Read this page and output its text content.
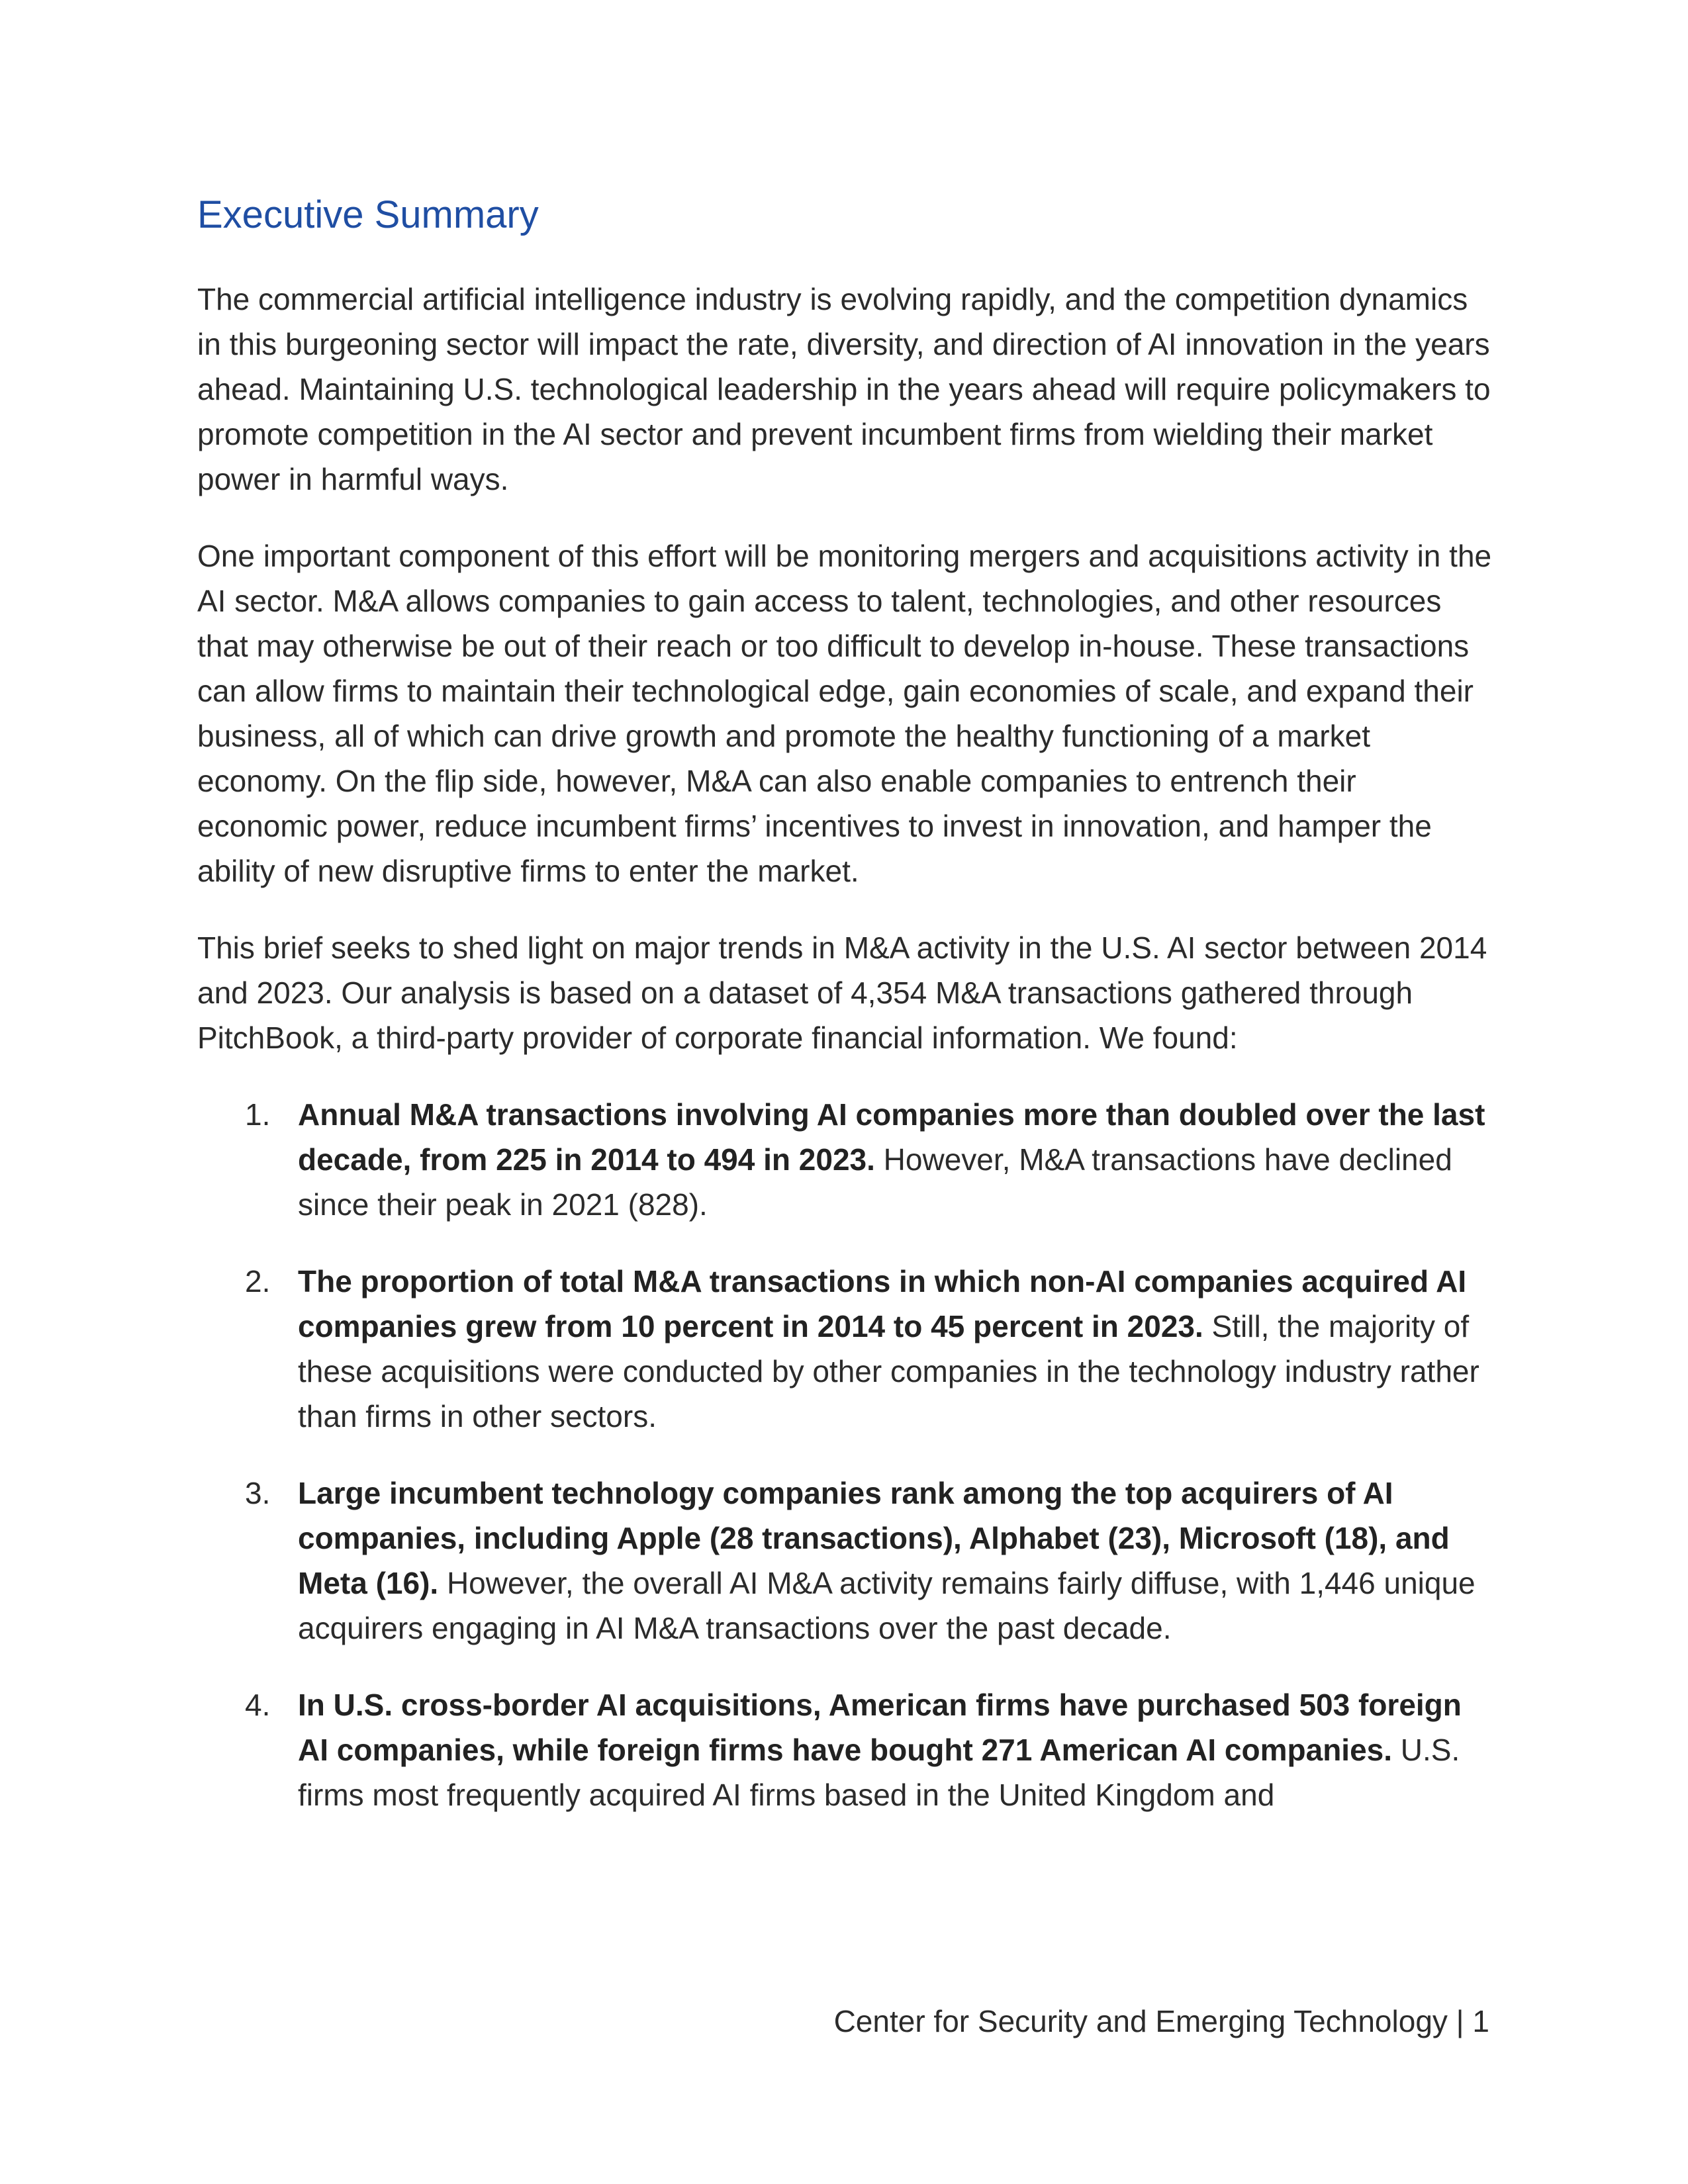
Executive Summary

The commercial artificial intelligence industry is evolving rapidly, and the competition dynamics in this burgeoning sector will impact the rate, diversity, and direction of AI innovation in the years ahead. Maintaining U.S. technological leadership in the years ahead will require policymakers to promote competition in the AI sector and prevent incumbent firms from wielding their market power in harmful ways.

One important component of this effort will be monitoring mergers and acquisitions activity in the AI sector. M&A allows companies to gain access to talent, technologies, and other resources that may otherwise be out of their reach or too difficult to develop in-house. These transactions can allow firms to maintain their technological edge, gain economies of scale, and expand their business, all of which can drive growth and promote the healthy functioning of a market economy. On the flip side, however, M&A can also enable companies to entrench their economic power, reduce incumbent firms’ incentives to invest in innovation, and hamper the ability of new disruptive firms to enter the market.

This brief seeks to shed light on major trends in M&A activity in the U.S. AI sector between 2014 and 2023. Our analysis is based on a dataset of 4,354 M&A transactions gathered through PitchBook, a third-party provider of corporate financial information. We found:

1. Annual M&A transactions involving AI companies more than doubled over the last decade, from 225 in 2014 to 494 in 2023. However, M&A transactions have declined since their peak in 2021 (828).
2. The proportion of total M&A transactions in which non-AI companies acquired AI companies grew from 10 percent in 2014 to 45 percent in 2023. Still, the majority of these acquisitions were conducted by other companies in the technology industry rather than firms in other sectors.
3. Large incumbent technology companies rank among the top acquirers of AI companies, including Apple (28 transactions), Alphabet (23), Microsoft (18), and Meta (16). However, the overall AI M&A activity remains fairly diffuse, with 1,446 unique acquirers engaging in AI M&A transactions over the past decade.
4. In U.S. cross-border AI acquisitions, American firms have purchased 503 foreign AI companies, while foreign firms have bought 271 American AI companies. U.S. firms most frequently acquired AI firms based in the United Kingdom and
Center for Security and Emerging Technology | 1
